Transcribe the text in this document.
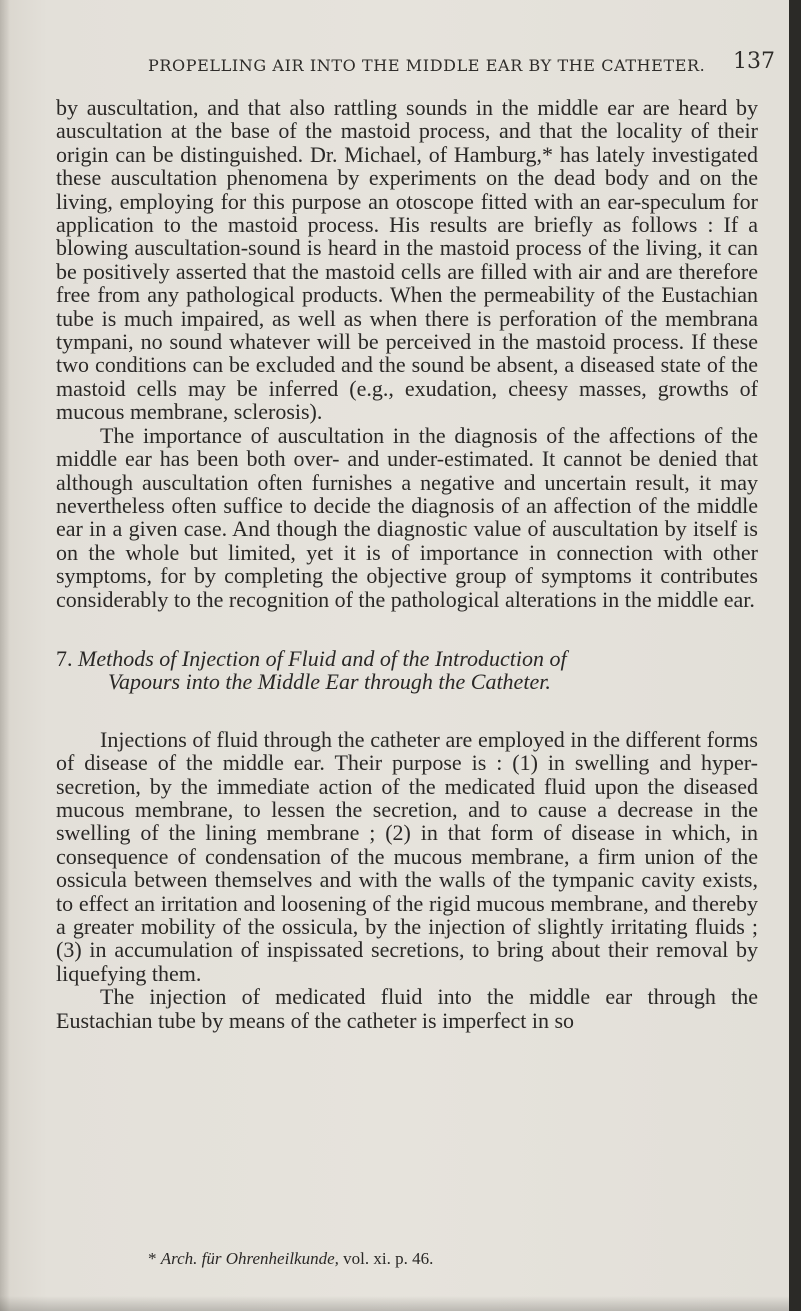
PROPELLING AIR INTO THE MIDDLE EAR BY THE CATHETER. 137

by auscultation, and that also rattling sounds in the middle ear are heard by auscultation at the base of the mastoid process, and that the locality of their origin can be distinguished. Dr. Michael, of Hamburg,* has lately investigated these auscultation phenomena by experiments on the dead body and on the living, employing for this purpose an otoscope fitted with an ear-speculum for application to the mastoid process. His results are briefly as follows : If a blowing auscultation-sound is heard in the mastoid process of the living, it can be positively asserted that the mastoid cells are filled with air and are therefore free from any pathological products. When the permeability of the Eustachian tube is much impaired, as well as when there is perforation of the membrana tympani, no sound whatever will be perceived in the mastoid process. If these two conditions can be excluded and the sound be absent, a diseased state of the mastoid cells may be inferred (e.g., exudation, cheesy masses, growths of mucous membrane, sclerosis).

The importance of auscultation in the diagnosis of the affections of the middle ear has been both over- and under-estimated. It cannot be denied that although auscultation often furnishes a negative and uncertain result, it may nevertheless often suffice to decide the diagnosis of an affection of the middle ear in a given case. And though the diagnostic value of auscultation by itself is on the whole but limited, yet it is of importance in connection with other symptoms, for by completing the objective group of symptoms it contributes considerably to the recognition of the pathological alterations in the middle ear.

7. Methods of Injection of Fluid and of the Introduction of
Vapours into the Middle Ear through the Catheter.

Injections of fluid through the catheter are employed in the different forms of disease of the middle ear. Their purpose is : (1) in swelling and hyper-secretion, by the immediate action of the medicated fluid upon the diseased mucous membrane, to lessen the secretion, and to cause a decrease in the swelling of the lining membrane ; (2) in that form of disease in which, in consequence of condensation of the mucous membrane, a firm union of the ossicula between themselves and with the walls of the tympanic cavity exists, to effect an irritation and loosening of the rigid mucous membrane, and thereby a greater mobility of the ossicula, by the injection of slightly irritating fluids ; (3) in accumulation of inspissated secretions, to bring about their removal by liquefying them.

The injection of medicated fluid into the middle ear through the Eustachian tube by means of the catheter is imperfect in so

* Arch. für Ohrenheilkunde, vol. xi. p. 46.
